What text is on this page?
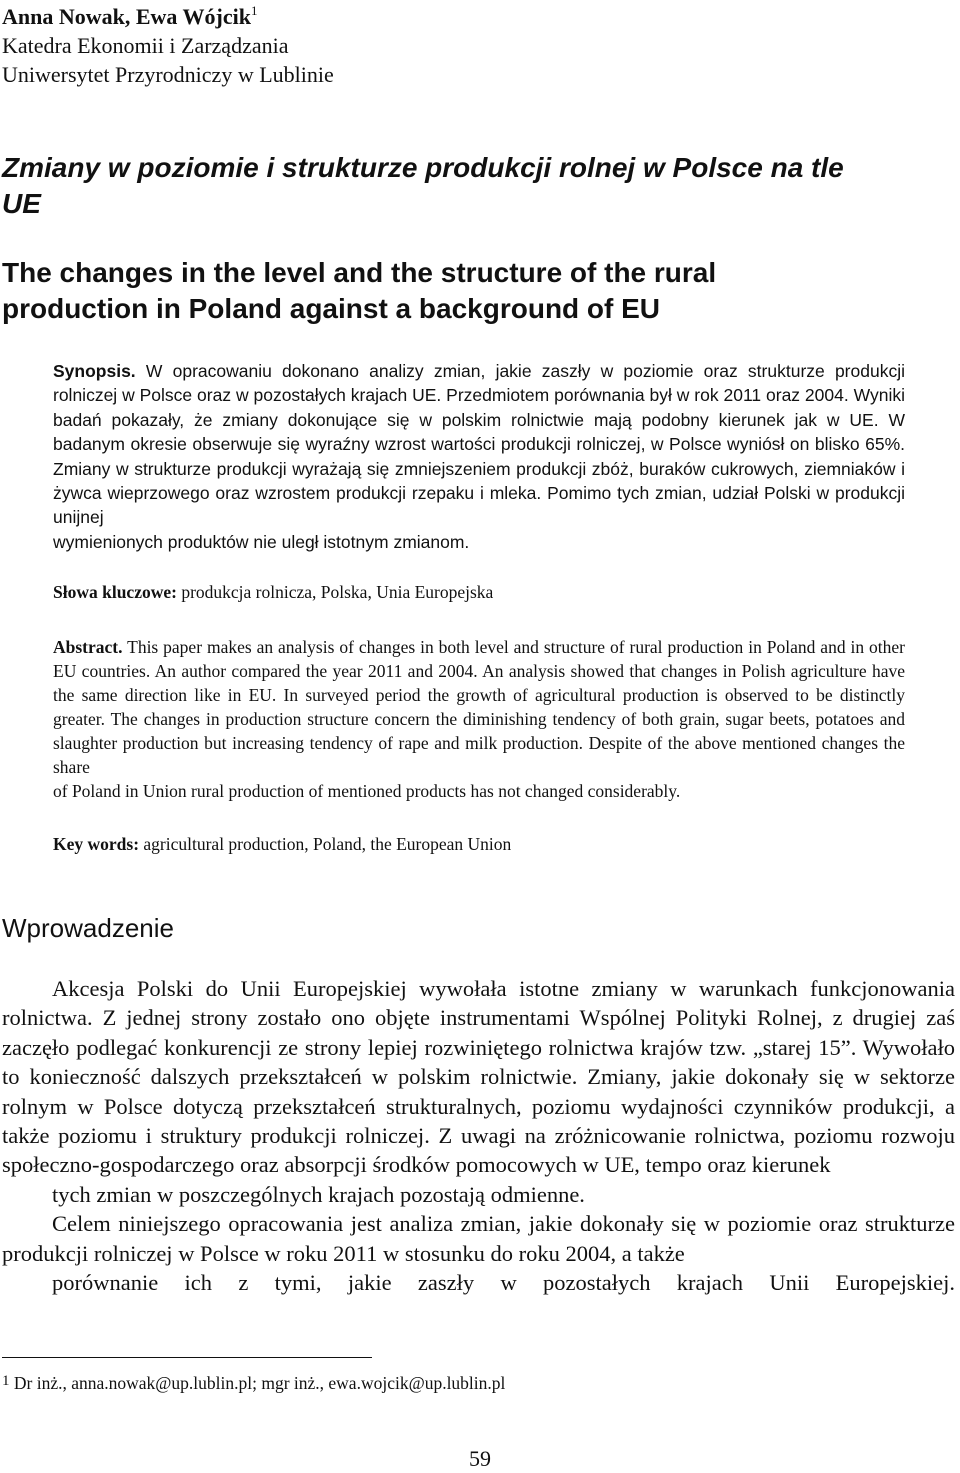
Anna Nowak, Ewa Wójcik$^1$
Katedra Ekonomii i Zarządzania
Uniwersytet Przyrodniczy w Lublinie
Zmiany w poziomie i strukturze produkcji rolnej w Polsce na tle
UE
The changes in the level and the structure of the rural
production in Poland against a background of EU
Synopsis. W opracowaniu dokonano analizy zmian, jakie zaszły w poziomie oraz strukturze produkcji rolniczej w Polsce oraz w pozostałych krajach UE. Przedmiotem porównania był w rok 2011 oraz 2004. Wyniki badań pokazały, że zmiany dokonujące się w polskim rolnictwie mają podobny kierunek jak w UE. W badanym okresie obserwuje się wyraźny wzrost wartości produkcji rolniczej, w Polsce wyniósł on blisko 65%. Zmiany w strukturze produkcji wyrażają się zmniejszeniem produkcji zbóż, buraków cukrowych, ziemniaków i żywca wieprzowego oraz wzrostem produkcji rzepaku i mleka. Pomimo tych zmian, udział Polski w produkcji unijnej
wymienionych produktów nie uległ istotnym zmianom.
Słowa kluczowe: produkcja rolnicza, Polska, Unia Europejska
Abstract. This paper makes an analysis of changes in both level and structure of rural production in Poland and in other EU countries. An author compared the year 2011 and 2004. An analysis showed that changes in Polish agriculture have the same direction like in EU. In surveyed period the growth of agricultural production is observed to be distinctly greater. The changes in production structure concern the diminishing tendency of both grain, sugar beets, potatoes and slaughter production but increasing tendency of rape and milk production. Despite of the above mentioned changes the share
of Poland in Union rural production of mentioned products has not changed considerably.
Key words: agricultural production, Poland, the European Union
Wprowadzenie

Akcesja Polski do Unii Europejskiej wywołała istotne zmiany w warunkach funkcjonowania rolnictwa. Z jednej strony zostało ono objęte instrumentami Wspólnej Polityki Rolnej, z drugiej zaś zaczęło podlegać konkurencji ze strony lepiej rozwiniętego rolnictwa krajów tzw. „starej 15”. Wywołało to konieczność dalszych przekształceń w polskim rolnictwie. Zmiany, jakie dokonały się w sektorze rolnym w Polsce dotyczą przekształceń strukturalnych, poziomu wydajności czynników produkcji, a także poziomu i struktury produkcji rolniczej. Z uwagi na zróżnicowanie rolnictwa, poziomu rozwoju społeczno-gospodarczego oraz absorpcji środków pomocowych w UE, tempo oraz kierunek
tych zmian w poszczególnych krajach pozostają odmienne.

Celem niniejszego opracowania jest analiza zmian, jakie dokonały się w poziomie oraz strukturze produkcji rolniczej w Polsce w roku 2011 w stosunku do roku 2004, a także
porównanie ich z tymi, jakie zaszły w pozostałych krajach Unii Europejskiej.

$^1$ Dr inż., anna.nowak@up.lublin.pl; mgr inż., ewa.wojcik@up.lublin.pl
59
